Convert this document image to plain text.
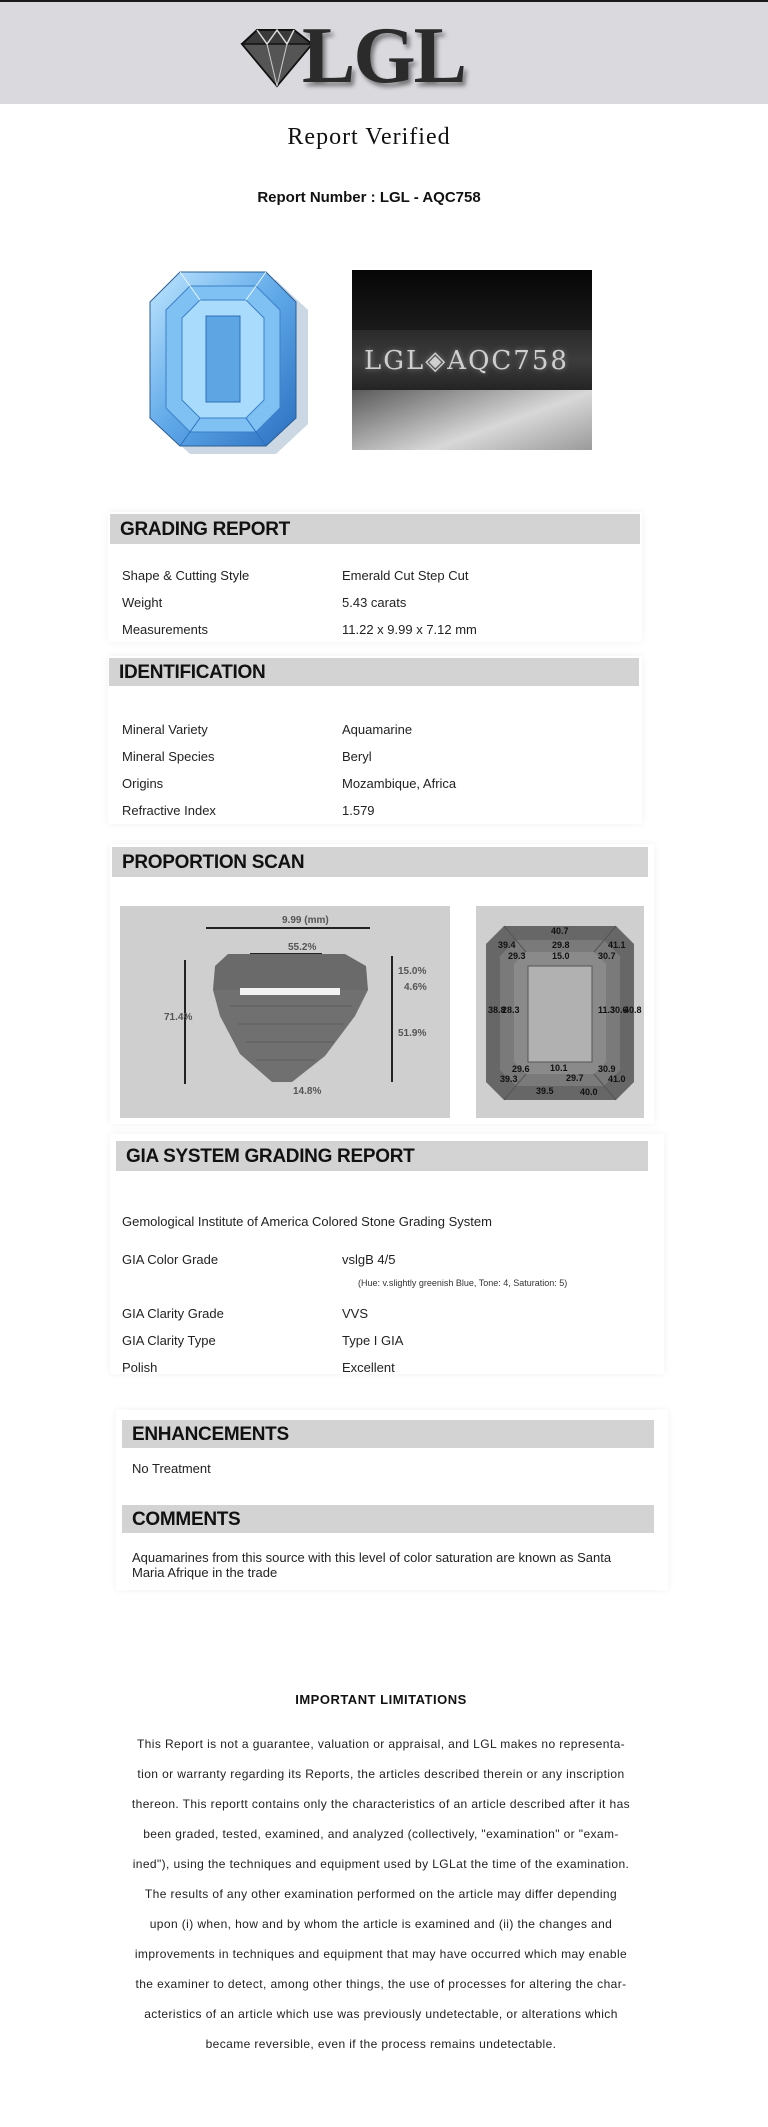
LGL
Report Verified
Report Number : LGL - AQC758
LGL◈AQC758
GRADING REPORT
Shape & Cutting Style	Emerald Cut Step Cut
Weight	5.43 carats
Measurements	11.22 x 9.99 x 7.12 mm
IDENTIFICATION
Mineral Variety	Aquamarine
Mineral Species	Beryl
Origins	Mozambique, Africa
Refractive Index	1.579
PROPORTION SCAN
9.99 (mm)
55.2%
15.0%
4.6%
71.4%
51.9%
14.8%
40.7
39.4
29.3
29.8
15.0
41.1
30.7
38.8
28.3	11.3
30.6
40.8
29.6
39.3
10.1
29.7
30.9
41.0
39.5	40.0
GIA SYSTEM GRADING REPORT
Gemological Institute of America Colored Stone Grading System
GIA Color Grade	vslgB 4/5
(Hue: v.slightly greenish Blue, Tone: 4, Saturation: 5)
GIA Clarity Grade	VVS
GIA Clarity Type	Type I GIA
Polish	Excellent
ENHANCEMENTS
No Treatment
COMMENTS
Aquamarines from this source with this level of color saturation are known as Santa
Maria Afrique in the trade
IMPORTANT LIMITATIONS
This Report is not a guarantee, valuation or appraisal, and LGL makes no representa-
tion or warranty regarding its Reports, the articles described therein or any inscription
thereon. This reportt contains only the characteristics of an article described after it has
been graded, tested, examined, and analyzed (collectively, "examination" or "exam-
ined"), using the techniques and equipment used by LGLat the time of the examination.
The results of any other examination performed on the article may differ depending
upon (i) when, how and by whom the article is examined and (ii) the changes and
improvements in techniques and equipment that may have occurred which may enable
the examiner to detect, among other things, the use of processes for altering the char-
acteristics of an article which use was previously undetectable, or alterations which
became reversible, even if the process remains undetectable.
